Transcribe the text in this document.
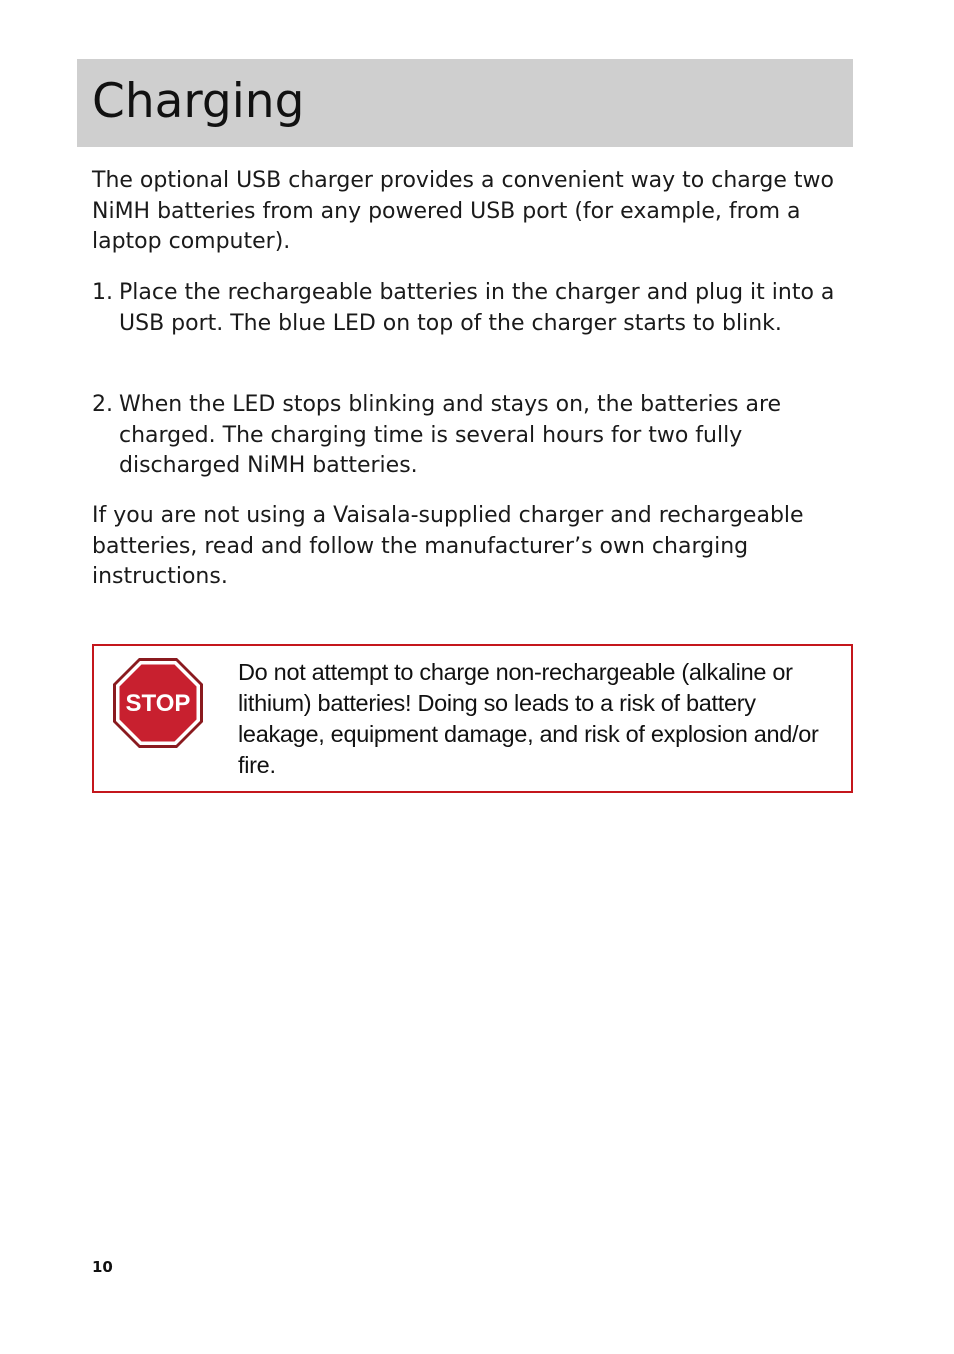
Charging

The optional USB charger provides a convenient way to charge two NiMH batteries from any powered USB port (for example, from a laptop computer).

1. Place the rechargeable batteries in the charger and plug it into a USB port. The blue LED on top of the charger starts to blink.
2. When the LED stops blinking and stays on, the batteries are charged. The charging time is several hours for two fully discharged NiMH batteries.

If you are not using a Vaisala-supplied charger and rechargeable batteries, read and follow the manufacturer’s own charging instructions.

STOP

Do not attempt to charge non-rechargeable (alkaline or lithium) batteries! Doing so leads to a risk of battery leakage, equipment damage, and risk of explosion and/or fire.

10
